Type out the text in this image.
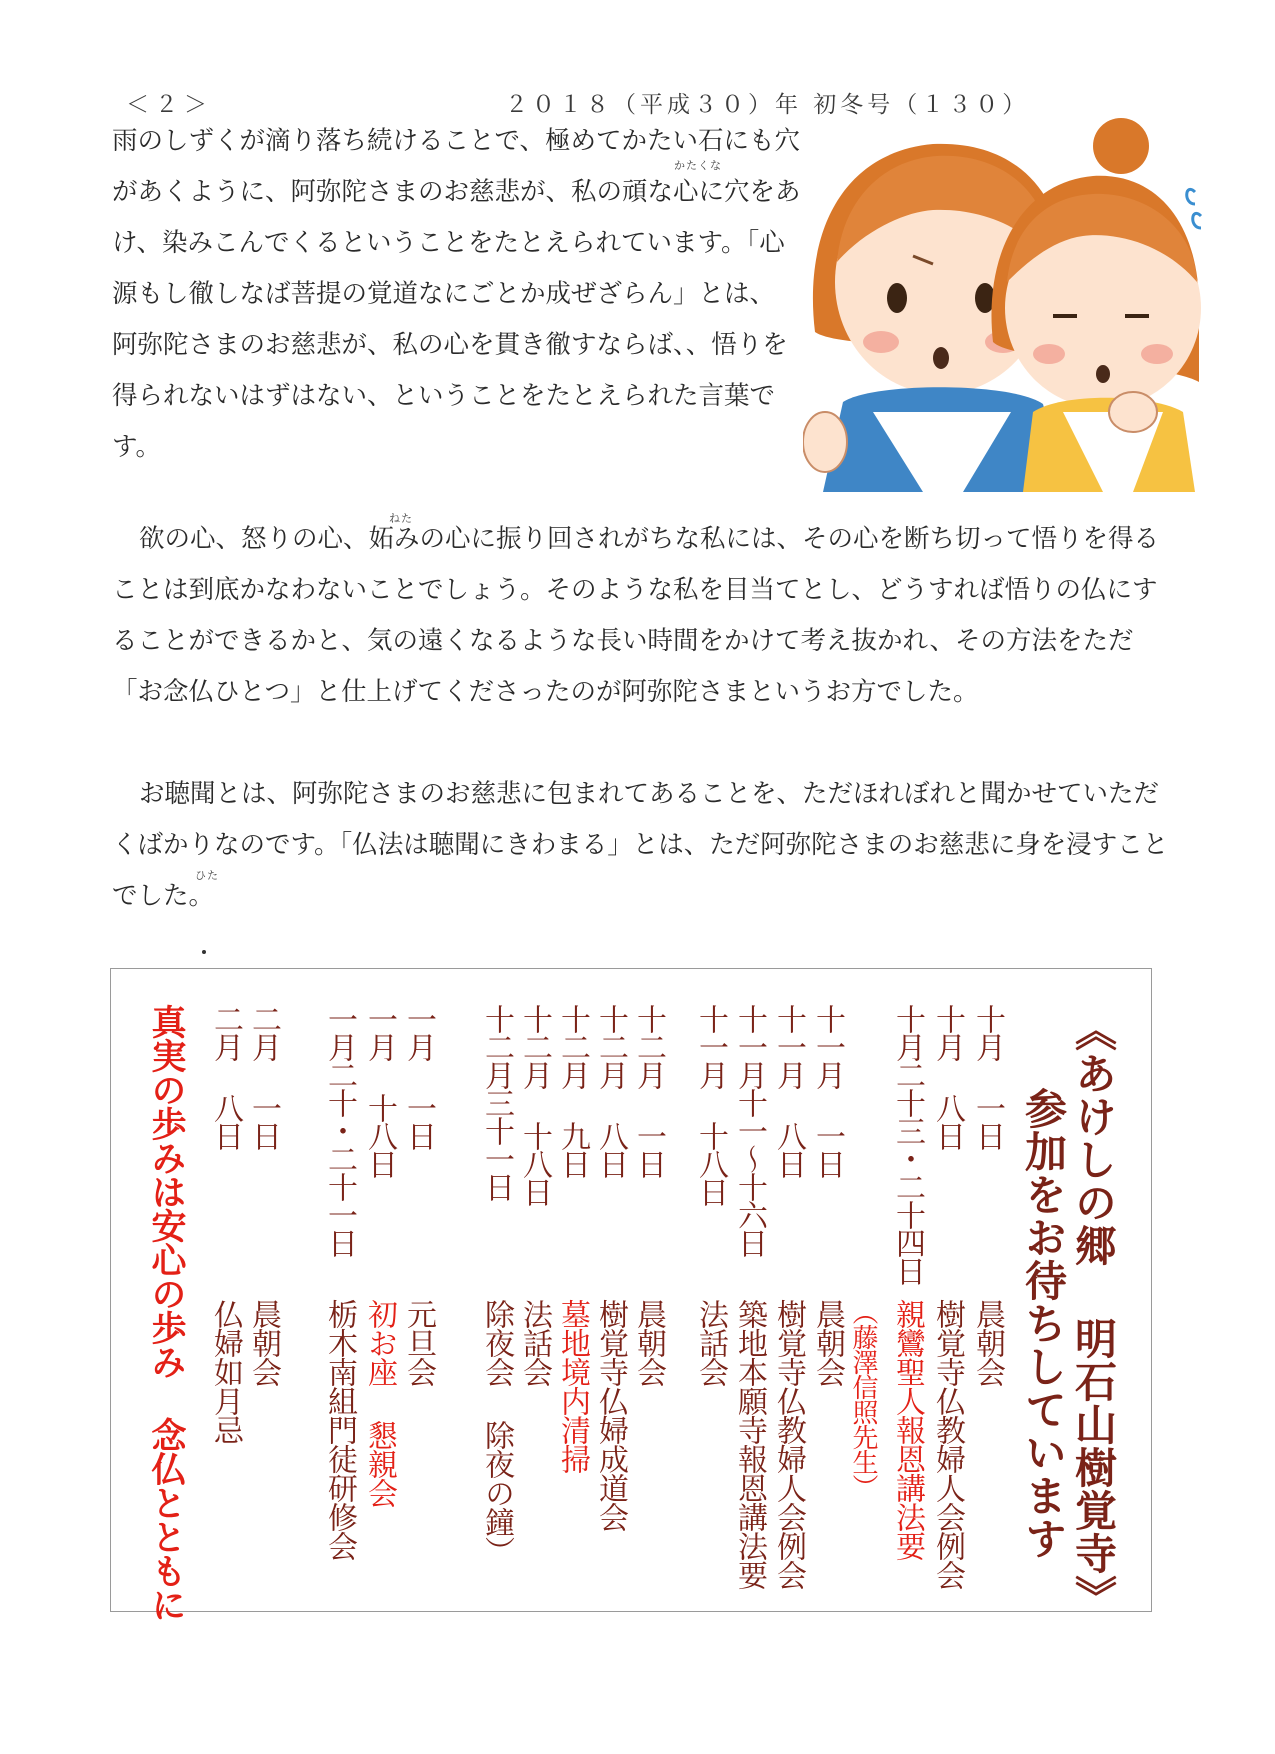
＜２＞	２０１８（平成３０）年 初冬号（１３０）

雨のしずくが滴り落ち続けることで、極めてかたい石にも穴があくように、阿弥陀さまのお慈悲が、私の頑な心に穴をあけ、染みこんでくるということをたとえられています。「心源もし徹しなば菩提の覚道なにごとか成ぜざらん」とは、
阿弥陀さまのお慈悲が、私の心を貫き徹すならば、、悟りを得られないはずはない、ということをたとえられた言葉です。

かたくな
ねた
ひた

欲の心、怒りの心、妬みの心に振り回されがちな私には、その心を断ち切って悟りを得ることは到底かなわないことでしょう。そのような私を目当てとし、どうすれば悟りの仏にすることができるかと、気の遠くなるような長い時間をかけて考え抜かれ、その方法をただ「お念仏ひとつ」と仕上げてくださったのが阿弥陀さまというお方でした。

お聴聞とは、阿弥陀さまのお慈悲に包まれてあることを、ただほれぼれと聞かせていただくばかりなのです。「仏法は聴聞にきわまる」とは、ただ阿弥陀さまのお慈悲に身を浸すことでした。

《あけしの郷 明石山樹覚寺》
参加をお待ちしています
十月 一日
十月 八日
十月二十三・二十四日
十一月 一日
十一月 八日
十一月十一～十六日
十一月 十八日
十二月 一日
十二月 八日
十二月 九日
十二月 十八日
十二月三十一日
一月 一日
一月 十八日
一月二十・二十一日
二月 一日
二月 八日
晨朝会
樹覚寺仏教婦人会例会
親鸞聖人報恩講法要
（藤澤信照先生）
晨朝会
樹覚寺仏教婦人会例会
築地本願寺報恩講法要
法話会
晨朝会
樹覚寺仏婦成道会
墓地境内清掃
法話会
除夜会 除夜の鐘）
元旦会
初お座 懇親会
栃木南組門徒研修会
晨朝会
仏婦如月忌
真実の歩みは安心の歩み 念仏とともに
